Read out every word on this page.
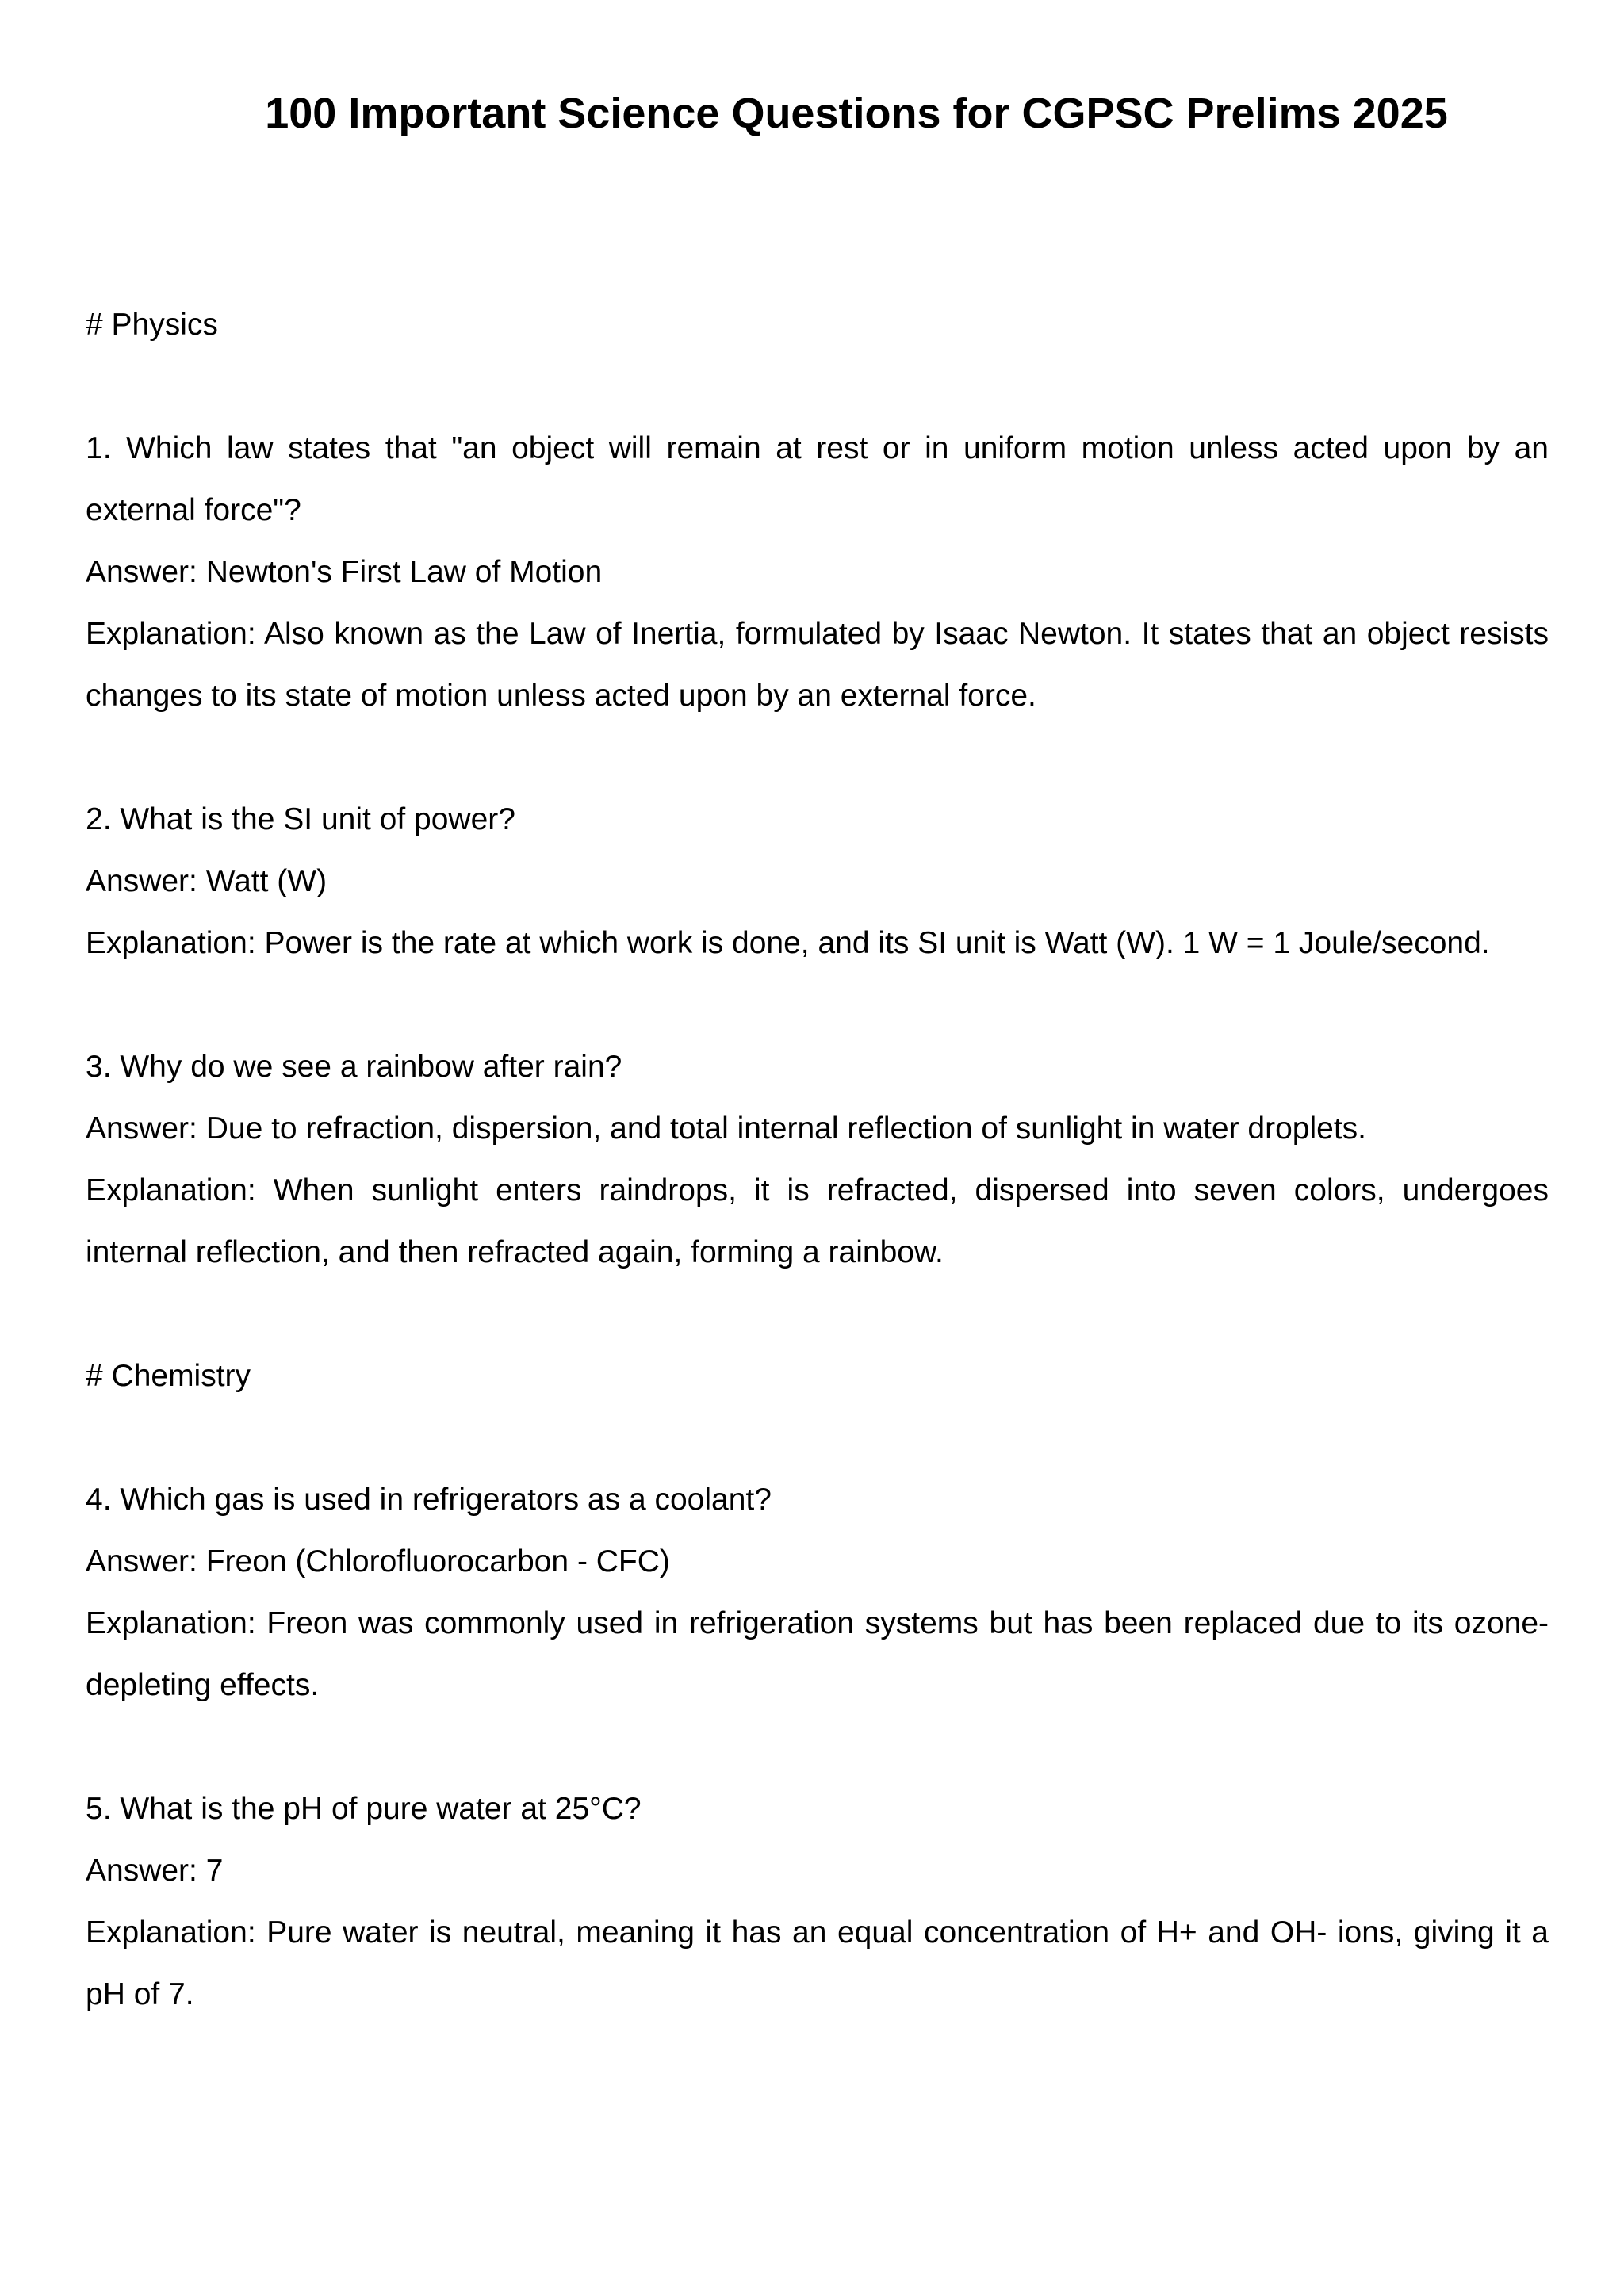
100 Important Science Questions for CGPSC Prelims 2025
# Physics

1. Which law states that "an object will remain at rest or in uniform motion unless acted upon by an external force"?

Answer: Newton's First Law of Motion

Explanation: Also known as the Law of Inertia, formulated by Isaac Newton. It states that an object resists changes to its state of motion unless acted upon by an external force.

2. What is the SI unit of power?

Answer: Watt (W)

Explanation: Power is the rate at which work is done, and its SI unit is Watt (W). 1 W = 1 Joule/second.

3. Why do we see a rainbow after rain?

Answer: Due to refraction, dispersion, and total internal reflection of sunlight in water droplets.

Explanation: When sunlight enters raindrops, it is refracted, dispersed into seven colors, undergoes internal reflection, and then refracted again, forming a rainbow.

# Chemistry

4. Which gas is used in refrigerators as a coolant?

Answer: Freon (Chlorofluorocarbon - CFC)

Explanation: Freon was commonly used in refrigeration systems but has been replaced due to its ozone-depleting effects.

5. What is the pH of pure water at 25°C?

Answer: 7

Explanation: Pure water is neutral, meaning it has an equal concentration of H+ and OH- ions, giving it a pH of 7.
